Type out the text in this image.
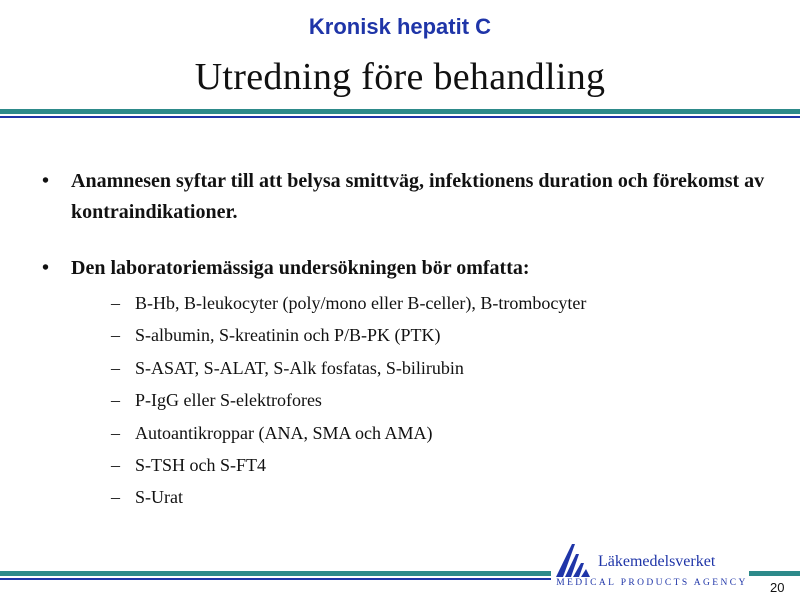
Kronisk hepatit C
Utredning före behandling
• Anamnesen syftar till att belysa smittväg, infektionens duration och förekomst av kontraindikationer.
• Den laboratoriemässiga undersökningen bör omfatta:
– B-Hb, B-leukocyter (poly/mono eller B-celler), B-trombocyter
– S-albumin, S-kreatinin och P/B-PK (PTK)
– S-ASAT, S-ALAT, S-Alk fosfatas, S-bilirubin
– P-IgG eller S-elektrofores
– Autoantikroppar (ANA, SMA och AMA)
– S-TSH och S-FT4
– S-Urat
Läkemedelsverket
MEDICAL PRODUCTS AGENCY 20
